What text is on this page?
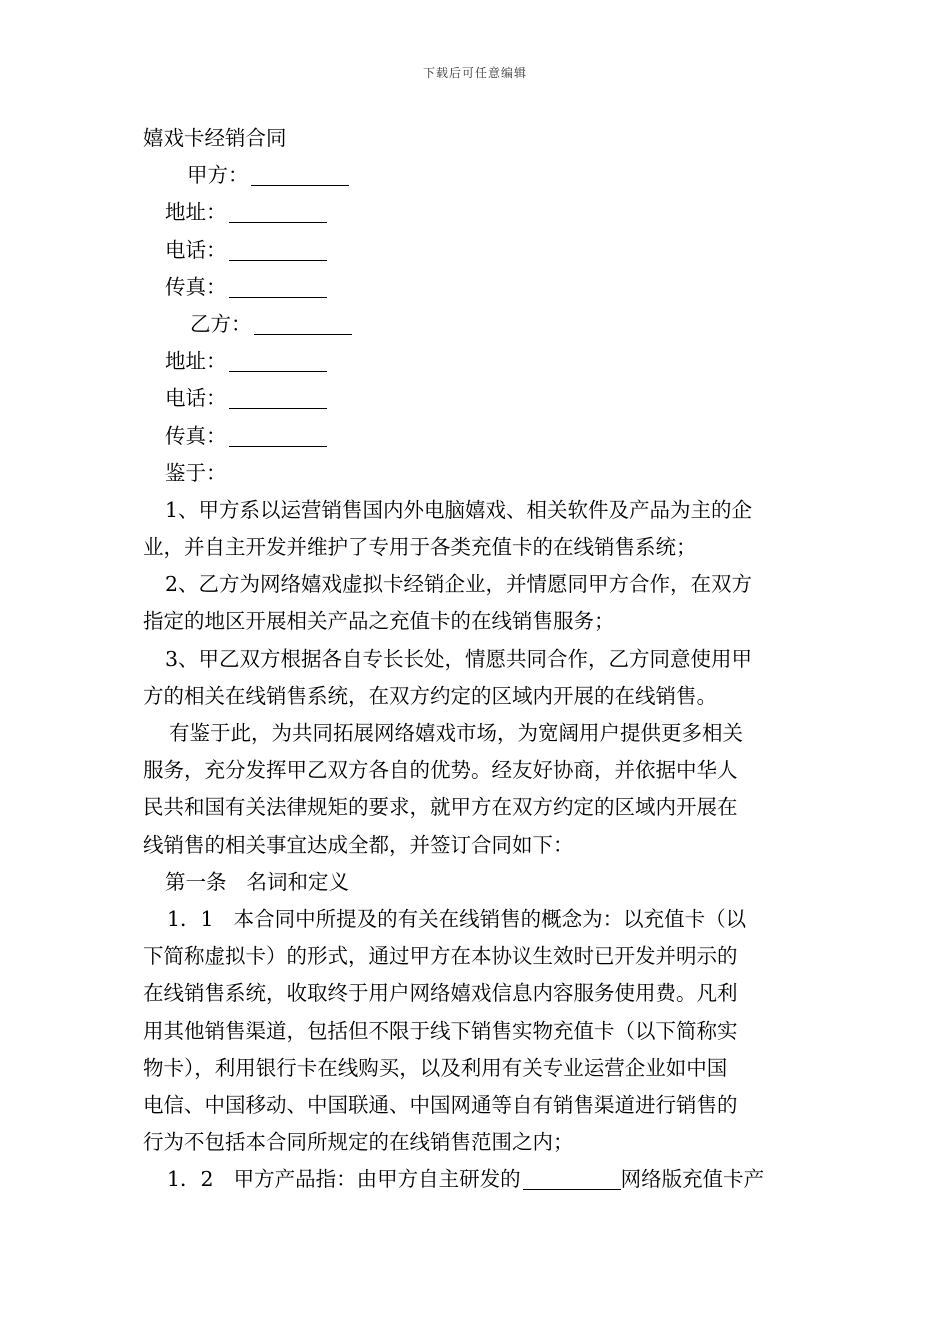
下载后可任意编辑
嬉戏卡经销合同
甲方：
地址：
电话：
传真：
乙方：
地址：
电话：
传真：
鉴于：
1、甲方系以运营销售国内外电脑嬉戏、相关软件及产品为主的企
业，并自主开发并维护了专用于各类充值卡的在线销售系统；
2、乙方为网络嬉戏虚拟卡经销企业，并情愿同甲方合作，在双方
指定的地区开展相关产品之充值卡的在线销售服务；
3、甲乙双方根据各自专长长处，情愿共同合作，乙方同意使用甲
方的相关在线销售系统，在双方约定的区域内开展的在线销售。
有鉴于此，为共同拓展网络嬉戏市场，为宽阔用户提供更多相关
服务，充分发挥甲乙双方各自的优势。经友好协商，并依据中华人
民共和国有关法律规矩的要求，就甲方在双方约定的区域内开展在
线销售的相关事宜达成全都，并签订合同如下：
第一条 名词和定义
1．1 本合同中所提及的有关在线销售的概念为：以充值卡（以
下简称虚拟卡）的形式，通过甲方在本协议生效时已开发并明示的
在线销售系统，收取终于用户网络嬉戏信息内容服务使用费。凡利
用其他销售渠道，包括但不限于线下销售实物充值卡（以下简称实
物卡），利用银行卡在线购买，以及利用有关专业运营企业如中国
电信、中国移动、中国联通、中国网通等自有销售渠道进行销售的
行为不包括本合同所规定的在线销售范围之内；
1．2 甲方产品指：由甲方自主研发的	网络版充值卡产
